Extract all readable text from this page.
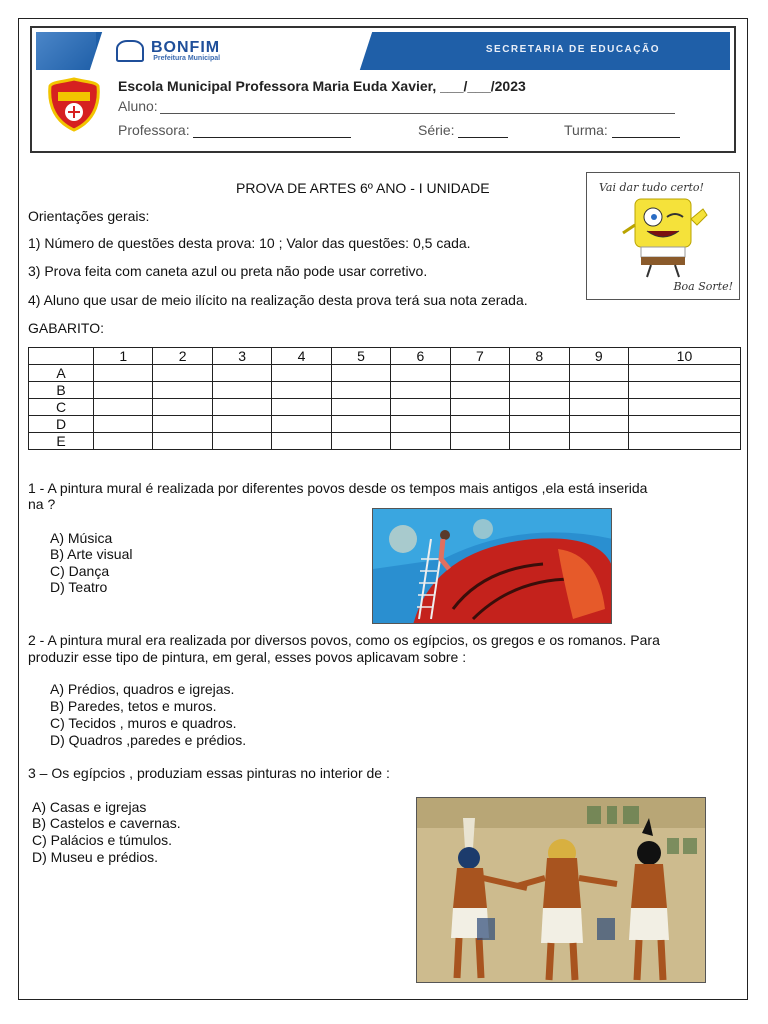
BONFIM
Prefeitura Municipal
SECRETARIA DE EDUCAÇÃO
Escola Municipal Professora Maria Euda Xavier, ___/___/2023
Aluno:
Professora:	Série:	Turma:
PROVA DE ARTES 6º ANO - I UNIDADE
Orientações gerais:
1) Número de questões desta prova: 10 ; Valor das questões: 0,5 cada.
3) Prova feita com caneta azul ou preta não pode usar corretivo.
4) Aluno que usar de meio ilícito na realização desta prova terá sua nota zerada.
Vai dar tudo certo!
Boa Sorte!
GABARITO:
	1	2	3	4	5	6	7	8	9	10
A										
B										
C										
D										
E										
1 - A pintura mural é realizada por diferentes povos desde os tempos mais antigos ,ela está inserida
na ?
A) Música
B) Arte visual
C) Dança
D) Teatro
2 - A pintura mural era realizada por diversos povos, como os egípcios, os gregos e os romanos. Para
produzir esse tipo de pintura, em geral, esses povos aplicavam sobre :
A) Prédios, quadros e igrejas.
B) Paredes, tetos e muros.
C) Tecidos , muros e quadros.
D) Quadros ,paredes e prédios.
3 – Os egípcios , produziam essas pinturas no interior de :
A) Casas e igrejas
B) Castelos e cavernas.
C) Palácios e túmulos.
D) Museu e prédios.
